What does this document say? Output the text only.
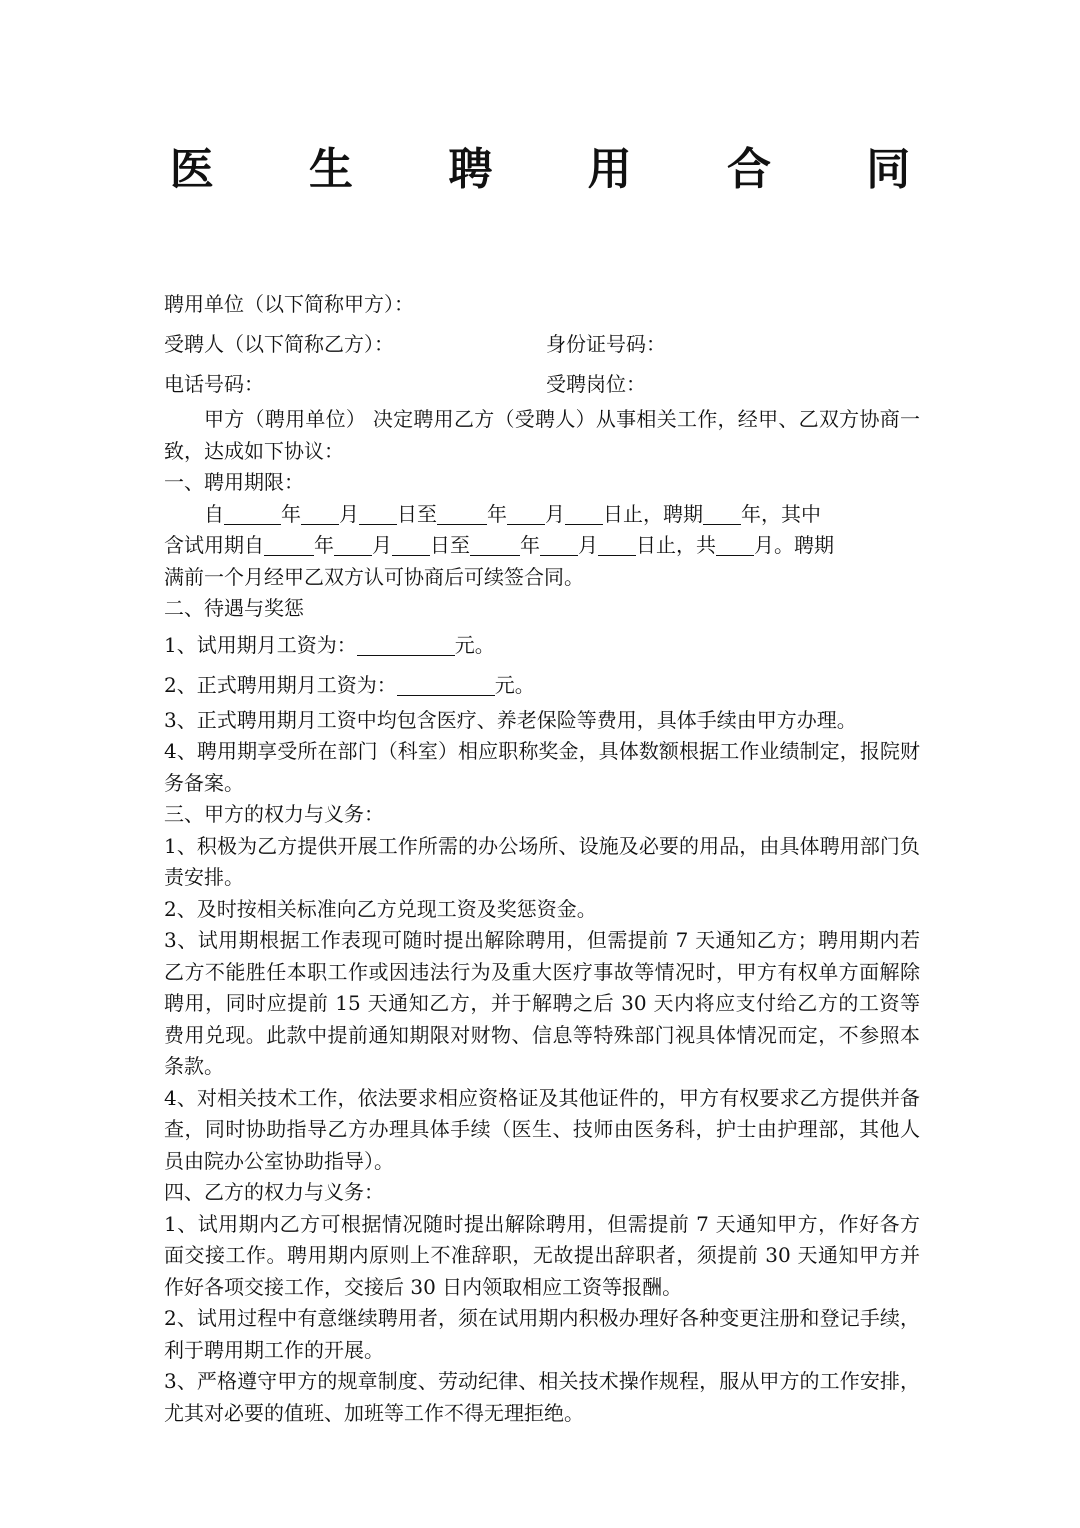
医 生 聘 用 合 同
聘用单位（以下简称甲方）：
受聘人（以下简称乙方）：	身份证号码：
电话号码：	受聘岗位：
甲方（聘用单位） 决定聘用乙方（受聘人）从事相关工作，经甲、乙双方协商一致，达成如下协议：
一、聘用期限：
自	年 月 日至	年 月 日止，聘期 年，其中
含试用期自	年 月 日至	年 月 日止，共 月。聘期
满前一个月经甲乙双方认可协商后可续签合同。
二、待遇与奖惩
1、试用期月工资为：	元。
2、正式聘用期月工资为：	元。
3、正式聘用期月工资中均包含医疗、养老保险等费用，具体手续由甲方办理。
4、聘用期享受所在部门（科室）相应职称奖金，具体数额根据工作业绩制定，报院财务备案。
三、甲方的权力与义务：
1、积极为乙方提供开展工作所需的办公场所、设施及必要的用品，由具体聘用部门负责安排。
2、及时按相关标准向乙方兑现工资及奖惩资金。
3、试用期根据工作表现可随时提出解除聘用，但需提前 7 天通知乙方；聘用期内若乙方不能胜任本职工作或因违法行为及重大医疗事故等情况时，甲方有权单方面解除聘用，同时应提前 15 天通知乙方，并于解聘之后 30 天内将应支付给乙方的工资等费用兑现。此款中提前通知期限对财物、信息等特殊部门视具体情况而定，不参照本条款。
4、对相关技术工作，依法要求相应资格证及其他证件的，甲方有权要求乙方提供并备查，同时协助指导乙方办理具体手续（医生、技师由医务科，护士由护理部，其他人员由院办公室协助指导）。
四、乙方的权力与义务：
1、试用期内乙方可根据情况随时提出解除聘用，但需提前 7 天通知甲方，作好各方面交接工作。聘用期内原则上不准辞职，无故提出辞职者，须提前 30 天通知甲方并作好各项交接工作，交接后 30 日内领取相应工资等报酬。
2、试用过程中有意继续聘用者，须在试用期内积极办理好各种变更注册和登记手续，利于聘用期工作的开展。
3、严格遵守甲方的规章制度、劳动纪律、相关技术操作规程，服从甲方的工作安排，尤其对必要的值班、加班等工作不得无理拒绝。
